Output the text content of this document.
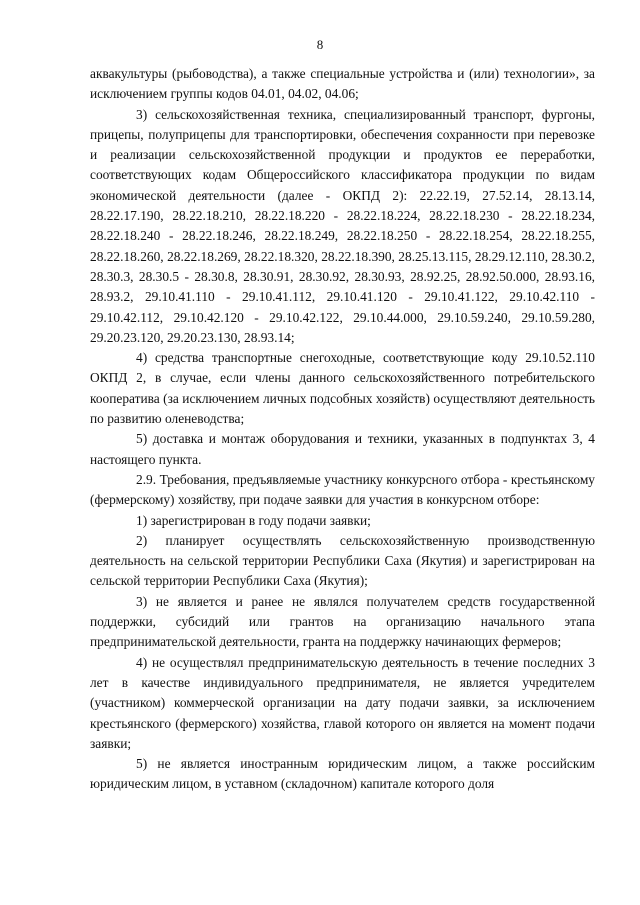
8

аквакультуры (рыбоводства), а также специальные устройства и (или) технологии», за исключением группы кодов 04.01, 04.02, 04.06;

3) сельскохозяйственная техника, специализированный транспорт, фургоны, прицепы, полуприцепы для транспортировки, обеспечения сохранности при перевозке и реализации сельскохозяйственной продукции и продуктов ее переработки, соответствующих кодам Общероссийского классификатора продукции по видам экономической деятельности (далее - ОКПД 2): 22.22.19, 27.52.14, 28.13.14, 28.22.17.190, 28.22.18.210, 28.22.18.220 - 28.22.18.224, 28.22.18.230 - 28.22.18.234, 28.22.18.240 - 28.22.18.246, 28.22.18.249, 28.22.18.250 - 28.22.18.254, 28.22.18.255, 28.22.18.260, 28.22.18.269, 28.22.18.320, 28.22.18.390, 28.25.13.115, 28.29.12.110, 28.30.2, 28.30.3, 28.30.5 - 28.30.8, 28.30.91, 28.30.92, 28.30.93, 28.92.25, 28.92.50.000, 28.93.16, 28.93.2, 29.10.41.110 - 29.10.41.112, 29.10.41.120 - 29.10.41.122, 29.10.42.110 - 29.10.42.112, 29.10.42.120 - 29.10.42.122, 29.10.44.000, 29.10.59.240, 29.10.59.280, 29.20.23.120, 29.20.23.130, 28.93.14;

4) средства транспортные снегоходные, соответствующие коду 29.10.52.110 ОКПД 2, в случае, если члены данного сельскохозяйственного потребительского кооператива (за исключением личных подсобных хозяйств) осуществляют деятельность по развитию оленеводства;

5) доставка и монтаж оборудования и техники, указанных в подпунктах 3, 4 настоящего пункта.

2.9. Требования, предъявляемые участнику конкурсного отбора - крестьянскому (фермерскому) хозяйству, при подаче заявки для участия в конкурсном отборе:

1) зарегистрирован в году подачи заявки;

2) планирует осуществлять сельскохозяйственную производственную деятельность на сельской территории Республики Саха (Якутия) и зарегистрирован на сельской территории Республики Саха (Якутия);

3) не является и ранее не являлся получателем средств государственной поддержки, субсидий или грантов на организацию начального этапа предпринимательской деятельности, гранта на поддержку начинающих фермеров;

4) не осуществлял предпринимательскую деятельность в течение последних 3 лет в качестве индивидуального предпринимателя, не является учредителем (участником) коммерческой организации на дату подачи заявки, за исключением крестьянского (фермерского) хозяйства, главой которого он является на момент подачи заявки;

5) не является иностранным юридическим лицом, а также российским юридическим лицом, в уставном (складочном) капитале которого доля
